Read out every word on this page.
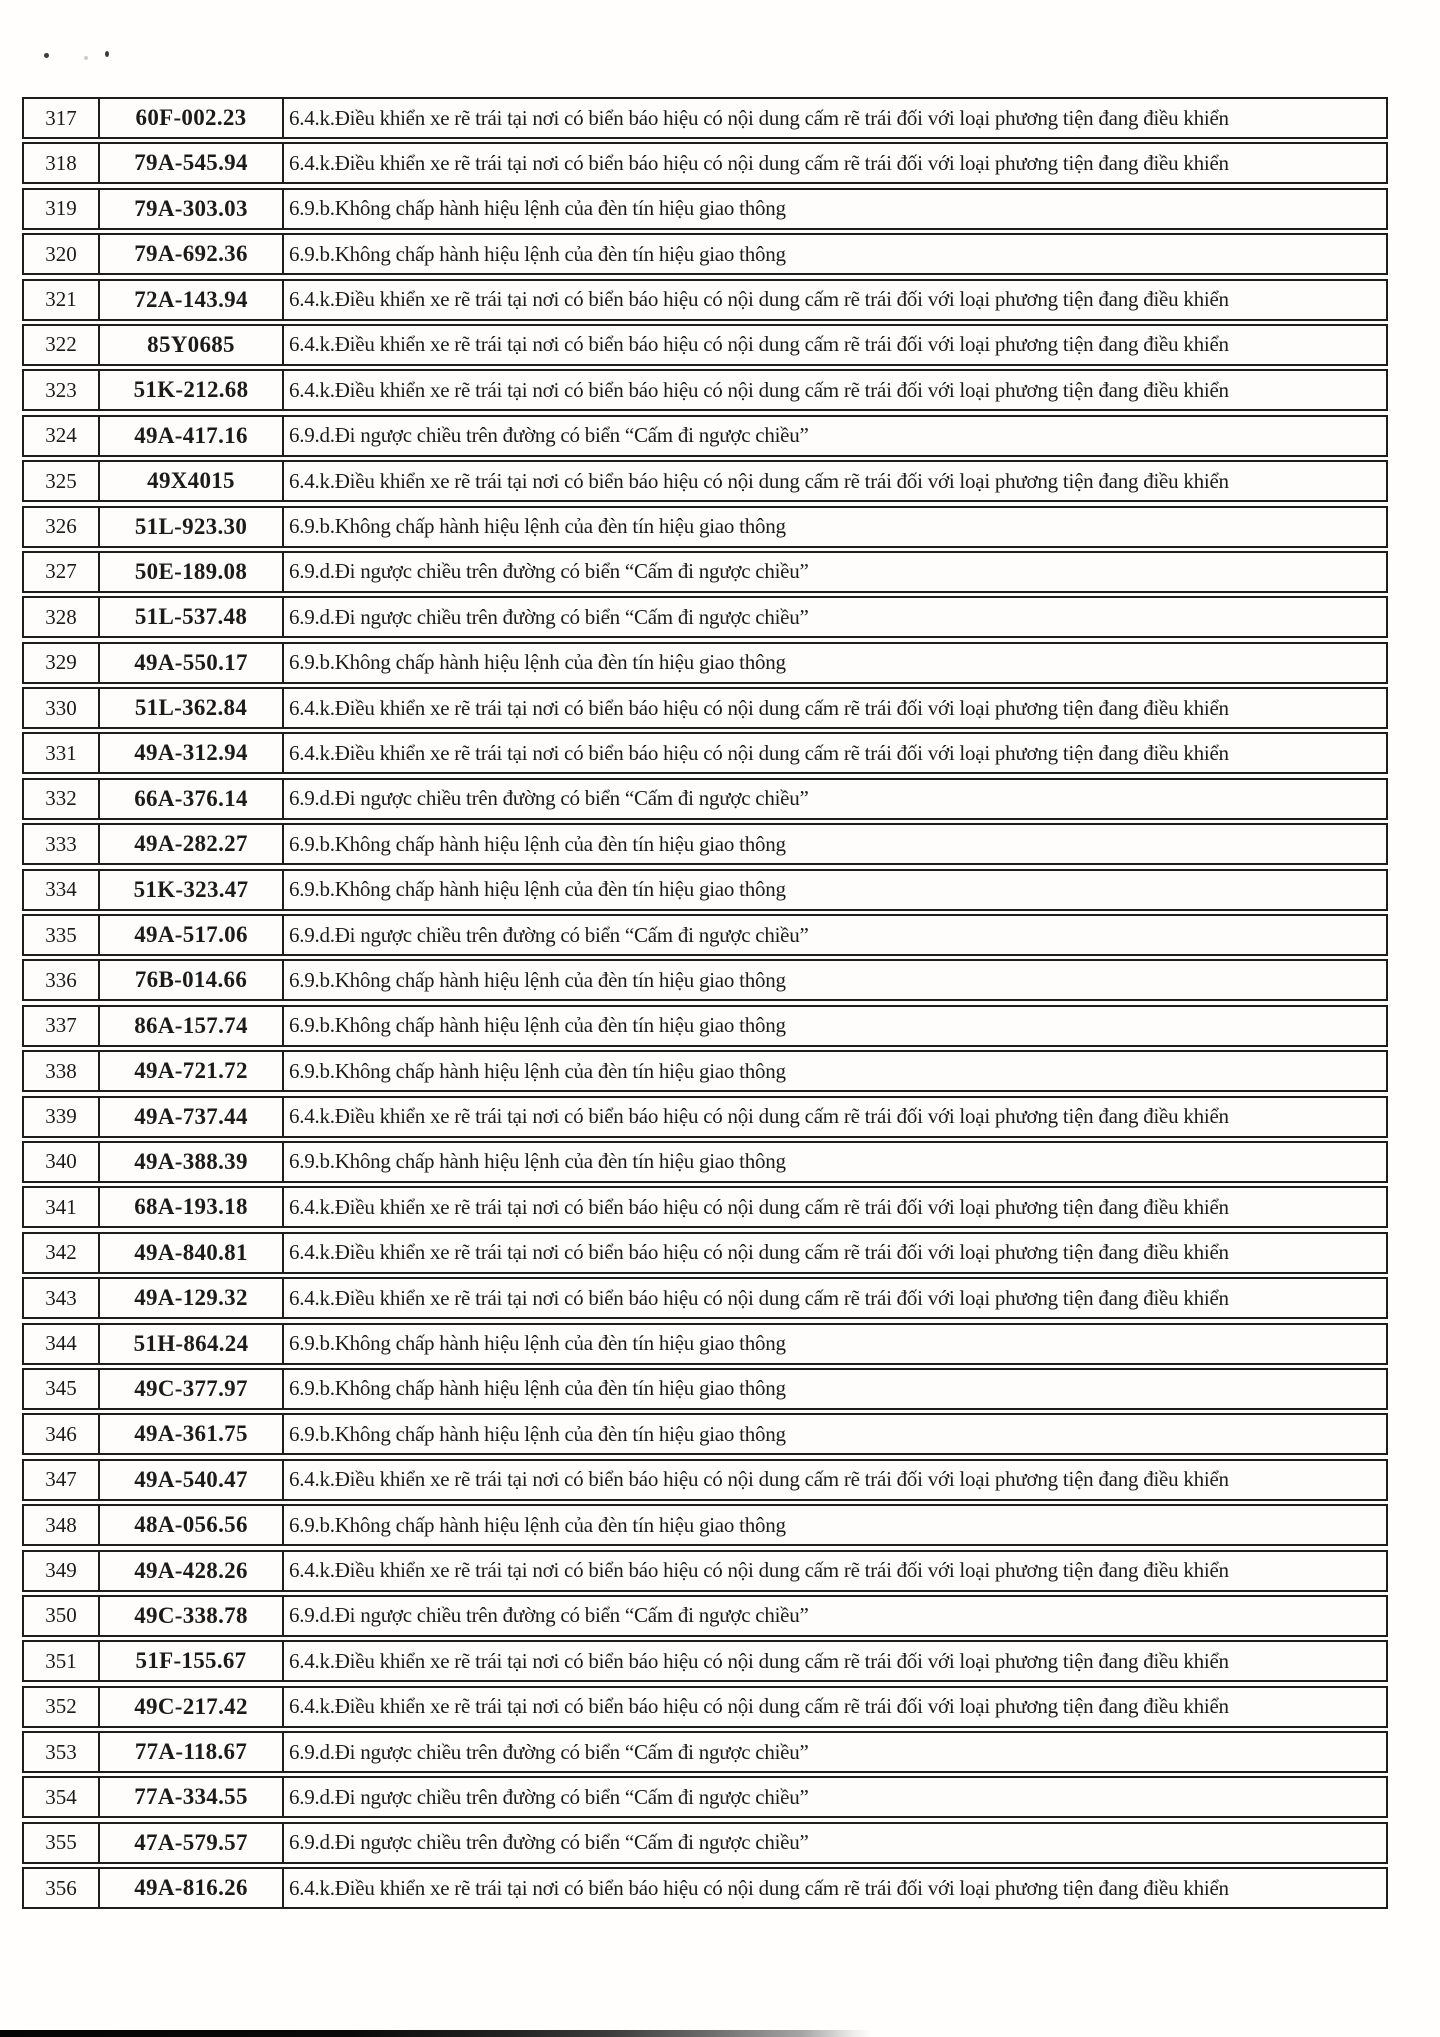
317	60F-002.23	6.4.k.Điều khiển xe rẽ trái tại nơi có biển báo hiệu có nội dung cấm rẽ trái đối với loại phương tiện đang điều khiển
318	79A-545.94	6.4.k.Điều khiển xe rẽ trái tại nơi có biển báo hiệu có nội dung cấm rẽ trái đối với loại phương tiện đang điều khiển
319	79A-303.03	6.9.b.Không chấp hành hiệu lệnh của đèn tín hiệu giao thông
320	79A-692.36	6.9.b.Không chấp hành hiệu lệnh của đèn tín hiệu giao thông
321	72A-143.94	6.4.k.Điều khiển xe rẽ trái tại nơi có biển báo hiệu có nội dung cấm rẽ trái đối với loại phương tiện đang điều khiển
322	85Y0685	6.4.k.Điều khiển xe rẽ trái tại nơi có biển báo hiệu có nội dung cấm rẽ trái đối với loại phương tiện đang điều khiển
323	51K-212.68	6.4.k.Điều khiển xe rẽ trái tại nơi có biển báo hiệu có nội dung cấm rẽ trái đối với loại phương tiện đang điều khiển
324	49A-417.16	6.9.d.Đi ngược chiều trên đường có biển “Cấm đi ngược chiều”
325	49X4015	6.4.k.Điều khiển xe rẽ trái tại nơi có biển báo hiệu có nội dung cấm rẽ trái đối với loại phương tiện đang điều khiển
326	51L-923.30	6.9.b.Không chấp hành hiệu lệnh của đèn tín hiệu giao thông
327	50E-189.08	6.9.d.Đi ngược chiều trên đường có biển “Cấm đi ngược chiều”
328	51L-537.48	6.9.d.Đi ngược chiều trên đường có biển “Cấm đi ngược chiều”
329	49A-550.17	6.9.b.Không chấp hành hiệu lệnh của đèn tín hiệu giao thông
330	51L-362.84	6.4.k.Điều khiển xe rẽ trái tại nơi có biển báo hiệu có nội dung cấm rẽ trái đối với loại phương tiện đang điều khiển
331	49A-312.94	6.4.k.Điều khiển xe rẽ trái tại nơi có biển báo hiệu có nội dung cấm rẽ trái đối với loại phương tiện đang điều khiển
332	66A-376.14	6.9.d.Đi ngược chiều trên đường có biển “Cấm đi ngược chiều”
333	49A-282.27	6.9.b.Không chấp hành hiệu lệnh của đèn tín hiệu giao thông
334	51K-323.47	6.9.b.Không chấp hành hiệu lệnh của đèn tín hiệu giao thông
335	49A-517.06	6.9.d.Đi ngược chiều trên đường có biển “Cấm đi ngược chiều”
336	76B-014.66	6.9.b.Không chấp hành hiệu lệnh của đèn tín hiệu giao thông
337	86A-157.74	6.9.b.Không chấp hành hiệu lệnh của đèn tín hiệu giao thông
338	49A-721.72	6.9.b.Không chấp hành hiệu lệnh của đèn tín hiệu giao thông
339	49A-737.44	6.4.k.Điều khiển xe rẽ trái tại nơi có biển báo hiệu có nội dung cấm rẽ trái đối với loại phương tiện đang điều khiển
340	49A-388.39	6.9.b.Không chấp hành hiệu lệnh của đèn tín hiệu giao thông
341	68A-193.18	6.4.k.Điều khiển xe rẽ trái tại nơi có biển báo hiệu có nội dung cấm rẽ trái đối với loại phương tiện đang điều khiển
342	49A-840.81	6.4.k.Điều khiển xe rẽ trái tại nơi có biển báo hiệu có nội dung cấm rẽ trái đối với loại phương tiện đang điều khiển
343	49A-129.32	6.4.k.Điều khiển xe rẽ trái tại nơi có biển báo hiệu có nội dung cấm rẽ trái đối với loại phương tiện đang điều khiển
344	51H-864.24	6.9.b.Không chấp hành hiệu lệnh của đèn tín hiệu giao thông
345	49C-377.97	6.9.b.Không chấp hành hiệu lệnh của đèn tín hiệu giao thông
346	49A-361.75	6.9.b.Không chấp hành hiệu lệnh của đèn tín hiệu giao thông
347	49A-540.47	6.4.k.Điều khiển xe rẽ trái tại nơi có biển báo hiệu có nội dung cấm rẽ trái đối với loại phương tiện đang điều khiển
348	48A-056.56	6.9.b.Không chấp hành hiệu lệnh của đèn tín hiệu giao thông
349	49A-428.26	6.4.k.Điều khiển xe rẽ trái tại nơi có biển báo hiệu có nội dung cấm rẽ trái đối với loại phương tiện đang điều khiển
350	49C-338.78	6.9.d.Đi ngược chiều trên đường có biển “Cấm đi ngược chiều”
351	51F-155.67	6.4.k.Điều khiển xe rẽ trái tại nơi có biển báo hiệu có nội dung cấm rẽ trái đối với loại phương tiện đang điều khiển
352	49C-217.42	6.4.k.Điều khiển xe rẽ trái tại nơi có biển báo hiệu có nội dung cấm rẽ trái đối với loại phương tiện đang điều khiển
353	77A-118.67	6.9.d.Đi ngược chiều trên đường có biển “Cấm đi ngược chiều”
354	77A-334.55	6.9.d.Đi ngược chiều trên đường có biển “Cấm đi ngược chiều”
355	47A-579.57	6.9.d.Đi ngược chiều trên đường có biển “Cấm đi ngược chiều”
356	49A-816.26	6.4.k.Điều khiển xe rẽ trái tại nơi có biển báo hiệu có nội dung cấm rẽ trái đối với loại phương tiện đang điều khiển
